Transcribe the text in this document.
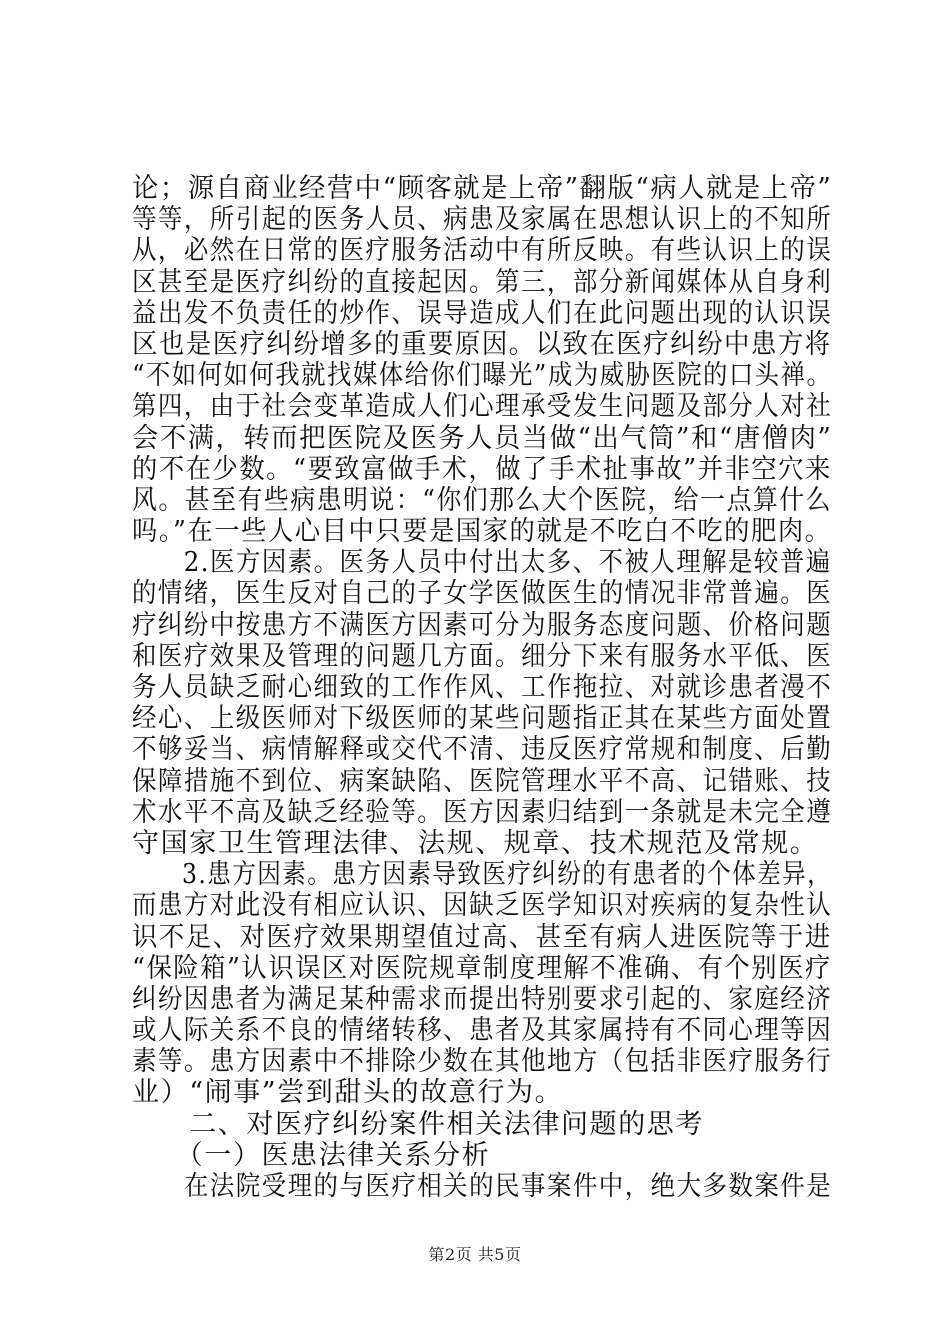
论；源自商业经营中“顾客就是上帝”翻版“病人就是上帝”
等等，所引起的医务人员、病患及家属在思想认识上的不知所
从，必然在日常的医疗服务活动中有所反映。有些认识上的误
区甚至是医疗纠纷的直接起因。第三，部分新闻媒体从自身利
益出发不负责任的炒作、误导造成人们在此问题出现的认识误
区也是医疗纠纷增多的重要原因。以致在医疗纠纷中患方将
“不如何如何我就找媒体给你们曝光”成为威胁医院的口头禅。
第四，由于社会变革造成人们心理承受发生问题及部分人对社
会不满，转而把医院及医务人员当做“出气筒”和“唐僧肉”
的不在少数。“要致富做手术，做了手术扯事故”并非空穴来
风。甚至有些病患明说：“你们那么大个医院，给一点算什么
吗。”在一些人心目中只要是国家的就是不吃白不吃的肥肉。
　　2.医方因素。医务人员中付出太多、不被人理解是较普遍
的情绪，医生反对自己的子女学医做医生的情况非常普遍。医
疗纠纷中按患方不满医方因素可分为服务态度问题、价格问题
和医疗效果及管理的问题几方面。细分下来有服务水平低、医
务人员缺乏耐心细致的工作作风、工作拖拉、对就诊患者漫不
经心、上级医师对下级医师的某些问题指正其在某些方面处置
不够妥当、病情解释或交代不清、违反医疗常规和制度、后勤
保障措施不到位、病案缺陷、医院管理水平不高、记错账、技
术水平不高及缺乏经验等。医方因素归结到一条就是未完全遵
守国家卫生管理法律、法规、规章、技术规范及常规。
　　3.患方因素。患方因素导致医疗纠纷的有患者的个体差异，
而患方对此没有相应认识、因缺乏医学知识对疾病的复杂性认
识不足、对医疗效果期望值过高、甚至有病人进医院等于进
“保险箱”认识误区对医院规章制度理解不准确、有个别医疗
纠纷因患者为满足某种需求而提出特别要求引起的、家庭经济
或人际关系不良的情绪转移、患者及其家属持有不同心理等因
素等。患方因素中不排除少数在其他地方（包括非医疗服务行
业）“闹事”尝到甜头的故意行为。
　　二、对医疗纠纷案件相关法律问题的思考
　　（一）医患法律关系分析
　　在法院受理的与医疗相关的民事案件中，绝大多数案件是
第2页 共5页
